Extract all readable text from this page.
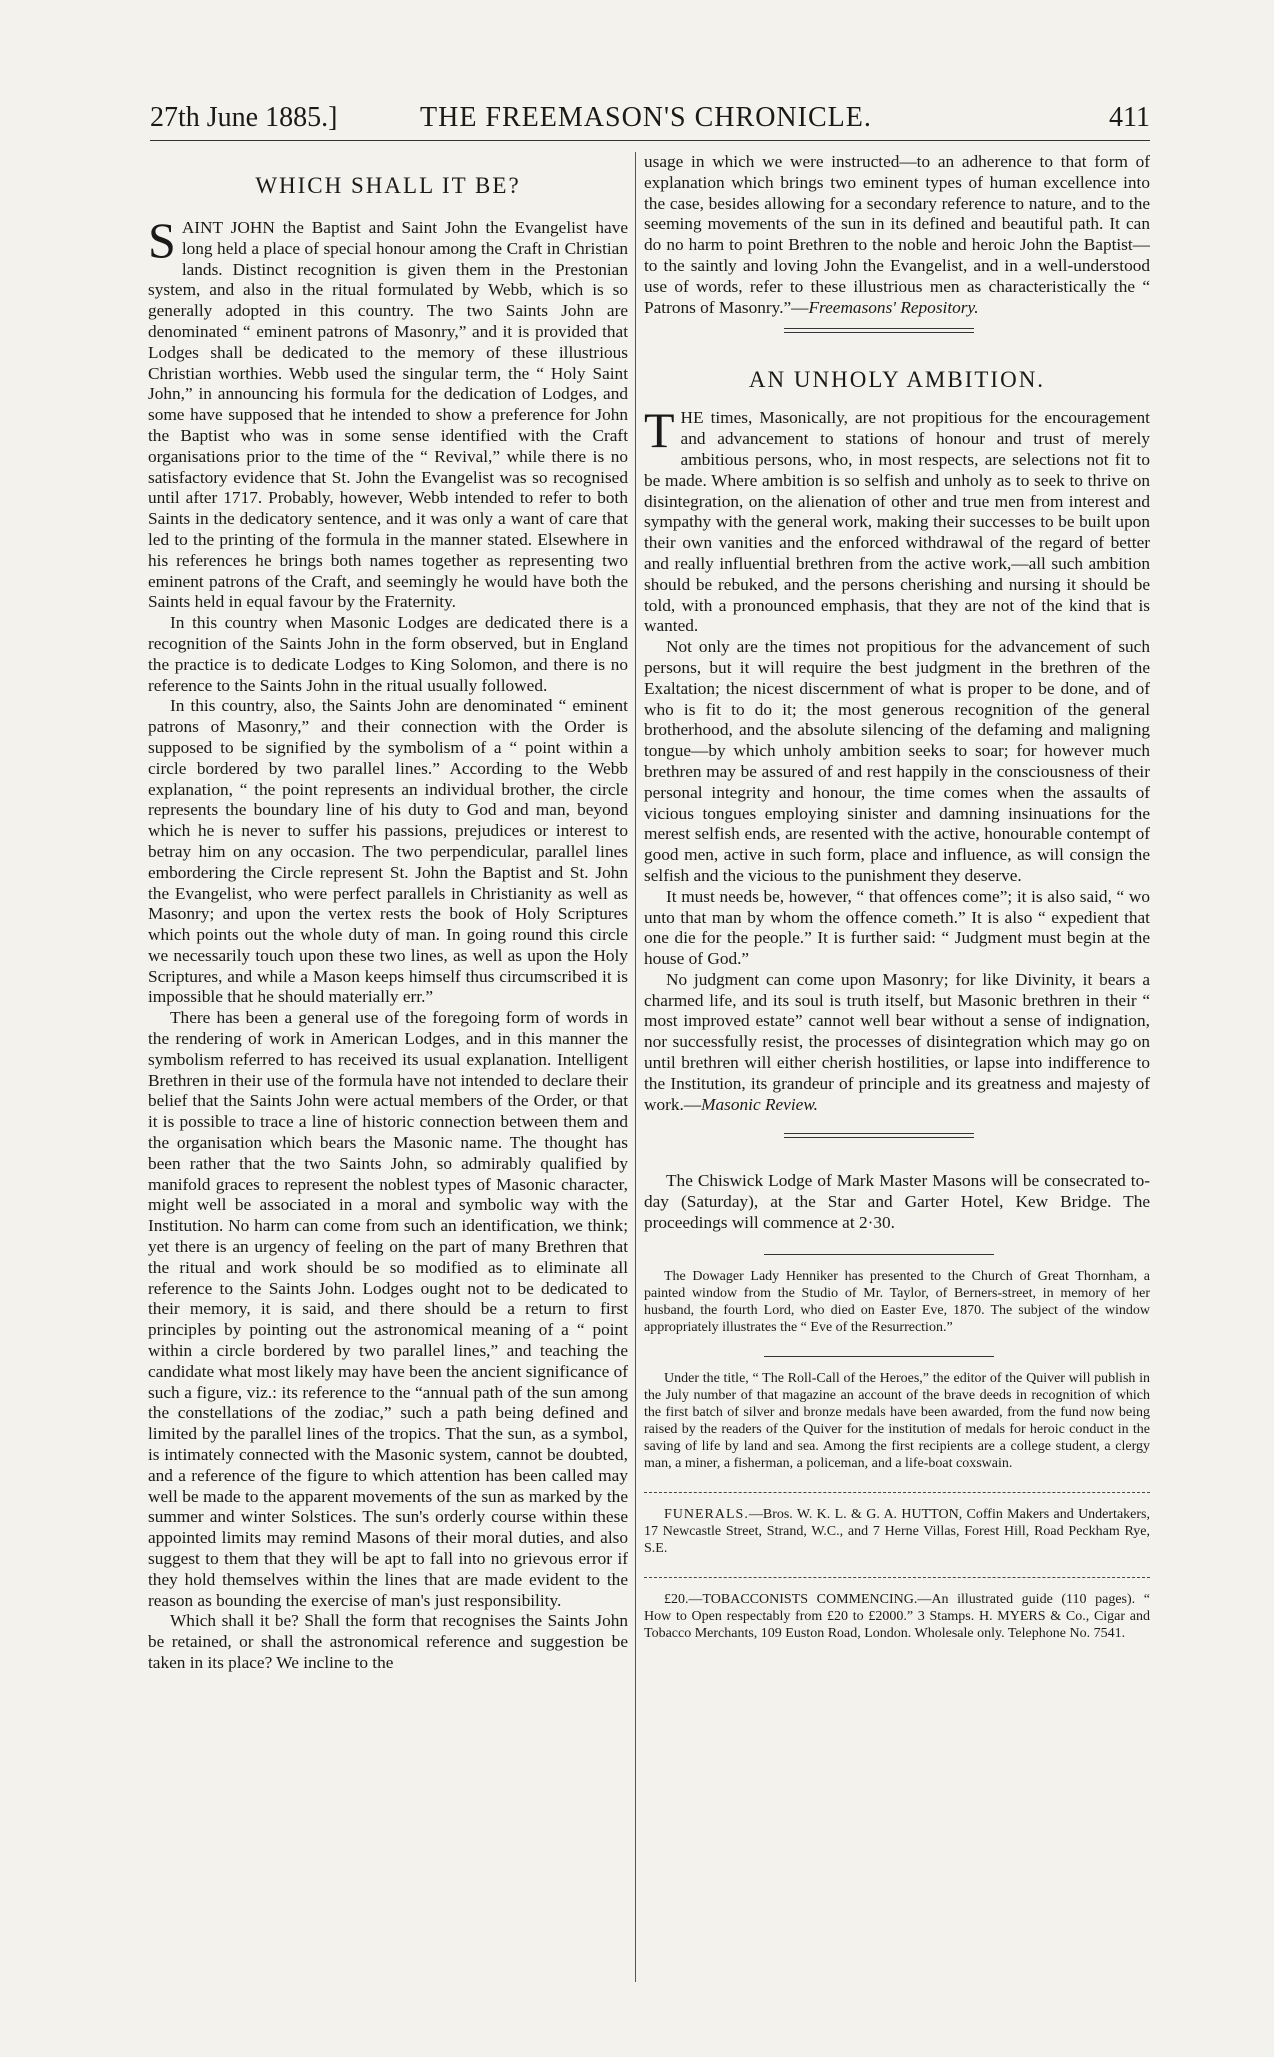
27th June 1885.]	THE FREEMASON'S CHRONICLE.	411
WHICH SHALL IT BE?

SAINT JOHN the Baptist and Saint John the Evangelist have long held a place of special honour among the Craft in Christian lands. Distinct recognition is given them in the Prestonian system, and also in the ritual formulated by Webb, which is so generally adopted in this country. The two Saints John are denominated “ eminent patrons of Masonry,” and it is provided that Lodges shall be dedicated to the memory of these illustrious Christian worthies. Webb used the singular term, the “ Holy Saint John,” in announcing his formula for the dedication of Lodges, and some have supposed that he intended to show a preference for John the Baptist who was in some sense identified with the Craft organisations prior to the time of the “ Revival,” while there is no satisfactory evidence that St. John the Evangelist was so recognised until after 1717. Probably, however, Webb intended to refer to both Saints in the dedicatory sentence, and it was only a want of care that led to the printing of the formula in the manner stated. Elsewhere in his references he brings both names together as representing two eminent patrons of the Craft, and seemingly he would have both the Saints held in equal favour by the Fraternity.

In this country when Masonic Lodges are dedicated there is a recognition of the Saints John in the form observed, but in England the practice is to dedicate Lodges to King Solomon, and there is no reference to the Saints John in the ritual usually followed.

In this country, also, the Saints John are denominated “ eminent patrons of Masonry,” and their connection with the Order is supposed to be signified by the symbolism of a “ point within a circle bordered by two parallel lines.” According to the Webb explanation, “ the point represents an individual brother, the circle represents the boundary line of his duty to God and man, beyond which he is never to suffer his passions, prejudices or interest to betray him on any occasion. The two perpendicular, parallel lines embordering the Circle represent St. John the Baptist and St. John the Evangelist, who were perfect parallels in Christianity as well as Masonry; and upon the vertex rests the book of Holy Scriptures which points out the whole duty of man. In going round this circle we necessarily touch upon these two lines, as well as upon the Holy Scriptures, and while a Mason keeps himself thus circumscribed it is impossible that he should materially err.”

There has been a general use of the foregoing form of words in the rendering of work in American Lodges, and in this manner the symbolism referred to has received its usual explanation. Intelligent Brethren in their use of the formula have not intended to declare their belief that the Saints John were actual members of the Order, or that it is possible to trace a line of historic connection between them and the organisation which bears the Masonic name. The thought has been rather that the two Saints John, so admirably qualified by manifold graces to represent the noblest types of Masonic character, might well be associated in a moral and symbolic way with the Institution. No harm can come from such an identification, we think; yet there is an urgency of feeling on the part of many Brethren that the ritual and work should be so modified as to eliminate all reference to the Saints John. Lodges ought not to be dedicated to their memory, it is said, and there should be a return to first principles by pointing out the astronomical meaning of a “ point within a circle bordered by two parallel lines,” and teaching the candidate what most likely may have been the ancient significance of such a figure, viz.: its reference to the “annual path of the sun among the constellations of the zodiac,” such a path being defined and limited by the parallel lines of the tropics. That the sun, as a symbol, is intimately connected with the Masonic system, cannot be doubted, and a reference of the figure to which attention has been called may well be made to the apparent movements of the sun as marked by the summer and winter Solstices. The sun's orderly course within these appointed limits may remind Masons of their moral duties, and also suggest to them that they will be apt to fall into no grievous error if they hold themselves within the lines that are made evident to the reason as bounding the exercise of man's just responsibility.

Which shall it be? Shall the form that recognises the Saints John be retained, or shall the astronomical reference and suggestion be taken in its place? We incline to the

usage in which we were instructed—to an adherence to that form of explanation which brings two eminent types of human excellence into the case, besides allowing for a secondary reference to nature, and to the seeming movements of the sun in its defined and beautiful path. It can do no harm to point Brethren to the noble and heroic John the Baptist—to the saintly and loving John the Evangelist, and in a well-understood use of words, refer to these illustrious men as characteristically the “ Patrons of Masonry.”—Freemasons' Repository.

AN UNHOLY AMBITION.

THE times, Masonically, are not propitious for the encouragement and advancement to stations of honour and trust of merely ambitious persons, who, in most respects, are selections not fit to be made. Where ambition is so selfish and unholy as to seek to thrive on disintegration, on the alienation of other and true men from interest and sympathy with the general work, making their successes to be built upon their own vanities and the enforced withdrawal of the regard of better and really influential brethren from the active work,—all such ambition should be rebuked, and the persons cherishing and nursing it should be told, with a pronounced emphasis, that they are not of the kind that is wanted.

Not only are the times not propitious for the advancement of such persons, but it will require the best judgment in the brethren of the Exaltation; the nicest discernment of what is proper to be done, and of who is fit to do it; the most generous recognition of the general brotherhood, and the absolute silencing of the defaming and maligning tongue—by which unholy ambition seeks to soar; for however much brethren may be assured of and rest happily in the consciousness of their personal integrity and honour, the time comes when the assaults of vicious tongues employing sinister and damning insinuations for the merest selfish ends, are resented with the active, honourable contempt of good men, active in such form, place and influence, as will consign the selfish and the vicious to the punishment they deserve.

It must needs be, however, “ that offences come”; it is also said, “ wo unto that man by whom the offence cometh.” It is also “ expedient that one die for the people.” It is further said: “ Judgment must begin at the house of God.”

No judgment can come upon Masonry; for like Divinity, it bears a charmed life, and its soul is truth itself, but Masonic brethren in their “ most improved estate” cannot well bear without a sense of indignation, nor successfully resist, the processes of disintegration which may go on until brethren will either cherish hostilities, or lapse into indifference to the Institution, its grandeur of principle and its greatness and majesty of work.—Masonic Review.

The Chiswick Lodge of Mark Master Masons will be consecrated to-day (Saturday), at the Star and Garter Hotel, Kew Bridge. The proceedings will commence at 2·30.

The Dowager Lady Henniker has presented to the Church of Great Thornham, a painted window from the Studio of Mr. Taylor, of Berners-street, in memory of her husband, the fourth Lord, who died on Easter Eve, 1870. The subject of the window appropriately illustrates the “ Eve of the Resurrection.”

Under the title, “ The Roll-Call of the Heroes,” the editor of the Quiver will publish in the July number of that magazine an account of the brave deeds in recognition of which the first batch of silver and bronze medals have been awarded, from the fund now being raised by the readers of the Quiver for the institution of medals for heroic conduct in the saving of life by land and sea. Among the first recipients are a college student, a clergy man, a miner, a fisherman, a policeman, and a life-boat coxswain.

FUNERALS.—Bros. W. K. L. & G. A. HUTTON, Coffin Makers and Undertakers, 17 Newcastle Street, Strand, W.C., and 7 Herne Villas, Forest Hill, Road Peckham Rye, S.E.

£20.—TOBACCONISTS COMMENCING.—An illustrated guide (110 pages). “ How to Open respectably from £20 to £2000.” 3 Stamps. H. MYERS & Co., Cigar and Tobacco Merchants, 109 Euston Road, London. Wholesale only. Telephone No. 7541.
